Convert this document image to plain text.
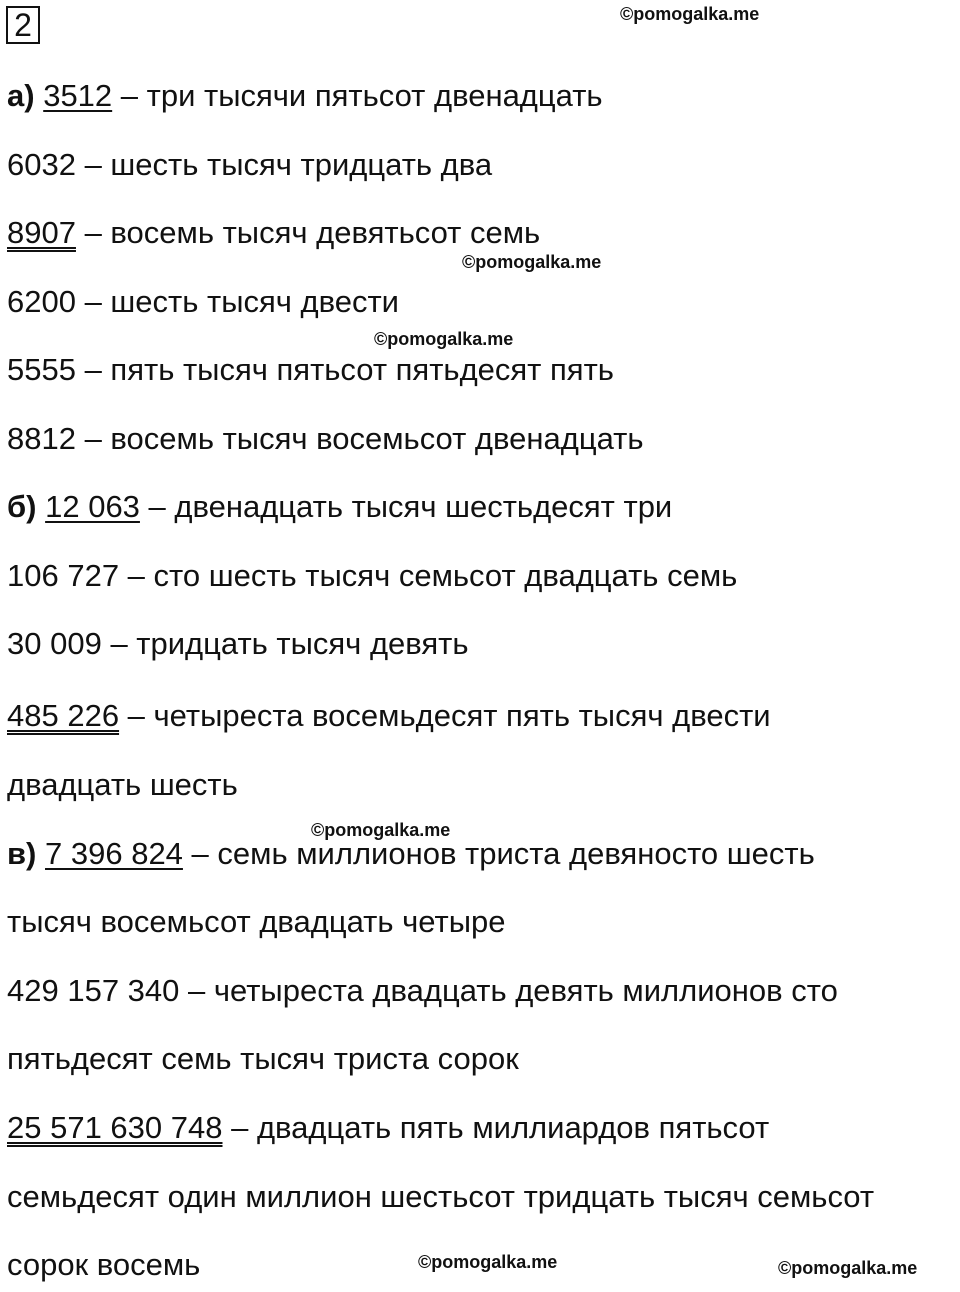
2	©pomogalka.me
©pomogalka.me
©pomogalka.me
©pomogalka.me
©pomogalka.me	©pomogalka.me
а) 3512 – три тысячи пятьсот двенадцать
6032 – шесть тысяч тридцать два
8907 – восемь тысяч девятьсот семь
6200 – шесть тысяч двести
5555 – пять тысяч пятьсот пятьдесят пять
8812 – восемь тысяч восемьсот двенадцать
б) 12 063 – двенадцать тысяч шестьдесят три
106 727 – сто шесть тысяч семьсот двадцать семь
30 009 – тридцать тысяч девять
485 226 – четыреста восемьдесят пять тысяч двести
двадцать шесть
в) 7 396 824 – семь миллионов триста девяносто шесть
тысяч восемьсот двадцать четыре
429 157 340 – четыреста двадцать девять миллионов сто
пятьдесят семь тысяч триста сорок
25 571 630 748 – двадцать пять миллиардов пятьсот
семьдесят один миллион шестьсот тридцать тысяч семьсот
сорок восемь
